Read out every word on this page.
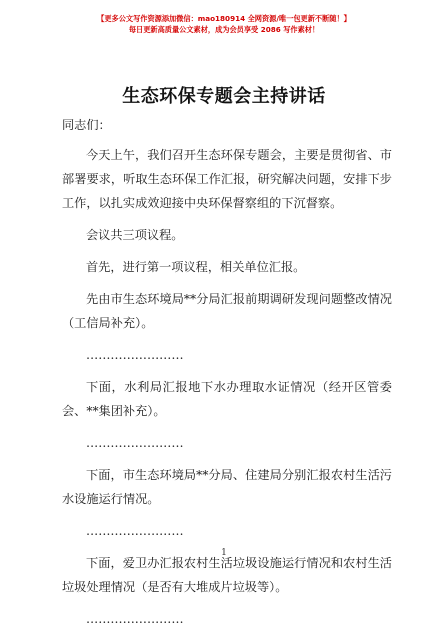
【更多公文写作资源添加微信：mao180914 全网资源/唯一包更新不断随！】
每日更新高质量公文素材，成为会员享受 2086 写作素材！
生态环保专题会主持讲话

同志们：

今天上午，我们召开生态环保专题会，主要是贯彻省、市部署要求，听取生态环保工作汇报，研究解决问题，安排下步工作，以扎实成效迎接中央环保督察组的下沉督察。

会议共三项议程。

首先，进行第一项议程，相关单位汇报。

先由市生态环境局**分局汇报前期调研发现问题整改情况（工信局补充）。

……………………

下面，水利局汇报地下水办理取水证情况（经开区管委会、**集团补充）。

……………………

下面，市生态环境局**分局、住建局分别汇报农村生活污水设施运行情况。

……………………

下面，爱卫办汇报农村生活垃圾设施运行情况和农村生活垃圾处理情况（是否有大堆成片垃圾等）。

……………………

1
